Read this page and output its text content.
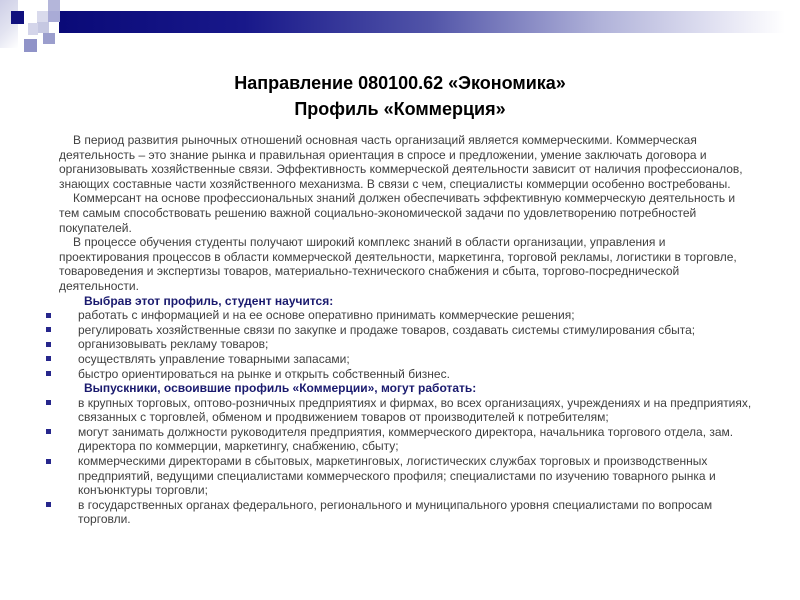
Направление 080100.62 «Экономика»
Профиль «Коммерция»

В период развития рыночных отношений основная часть организаций является коммерческими. Коммерческая деятельность – это знание рынка и правильная ориентация в спросе и предложении, умение заключать договора и организовывать хозяйственные связи. Эффективность коммерческой деятельности зависит от наличия профессионалов, знающих составные части хозяйственного механизма. В связи с чем, специалисты коммерции особенно востребованы.

Коммерсант на основе профессиональных знаний должен обеспечивать эффективную коммерческую деятельность и тем самым способствовать решению важной социально-экономической задачи по удовлетворению потребностей покупателей.

В процессе обучения студенты получают широкий комплекс знаний в области организации, управления и проектирования процессов в области коммерческой деятельности, маркетинга, торговой рекламы, логистики в торговле, товароведения и экспертизы товаров, материально-технического снабжения и сбыта, торгово-посреднической деятельности.

Выбрав этот профиль, студент научится:

работать с информацией и на ее основе оперативно принимать коммерческие решения;
регулировать хозяйственные связи по закупке и продаже товаров, создавать системы стимулирования сбыта;
организовывать рекламу товаров;
осуществлять управление товарными запасами;
быстро ориентироваться на рынке и открыть собственный бизнес.

Выпускники, освоившие профиль «Коммерции», могут работать:

в крупных торговых, оптово-розничных предприятиях и фирмах, во всех организациях, учреждениях и на предприятиях, связанных с торговлей, обменом и продвижением товаров от производителей к потребителям;
могут занимать должности руководителя предприятия, коммерческого директора, начальника торгового отдела, зам. директора по коммерции, маркетингу, снабжению, сбыту;
коммерческими директорами в сбытовых, маркетинговых, логистических службах торговых и производственных предприятий, ведущими специалистами коммерческого профиля; специалистами по изучению товарного рынка и конъюнктуры торговли;
в государственных органах федерального, регионального и муниципального уровня специалистами по вопросам торговли.
